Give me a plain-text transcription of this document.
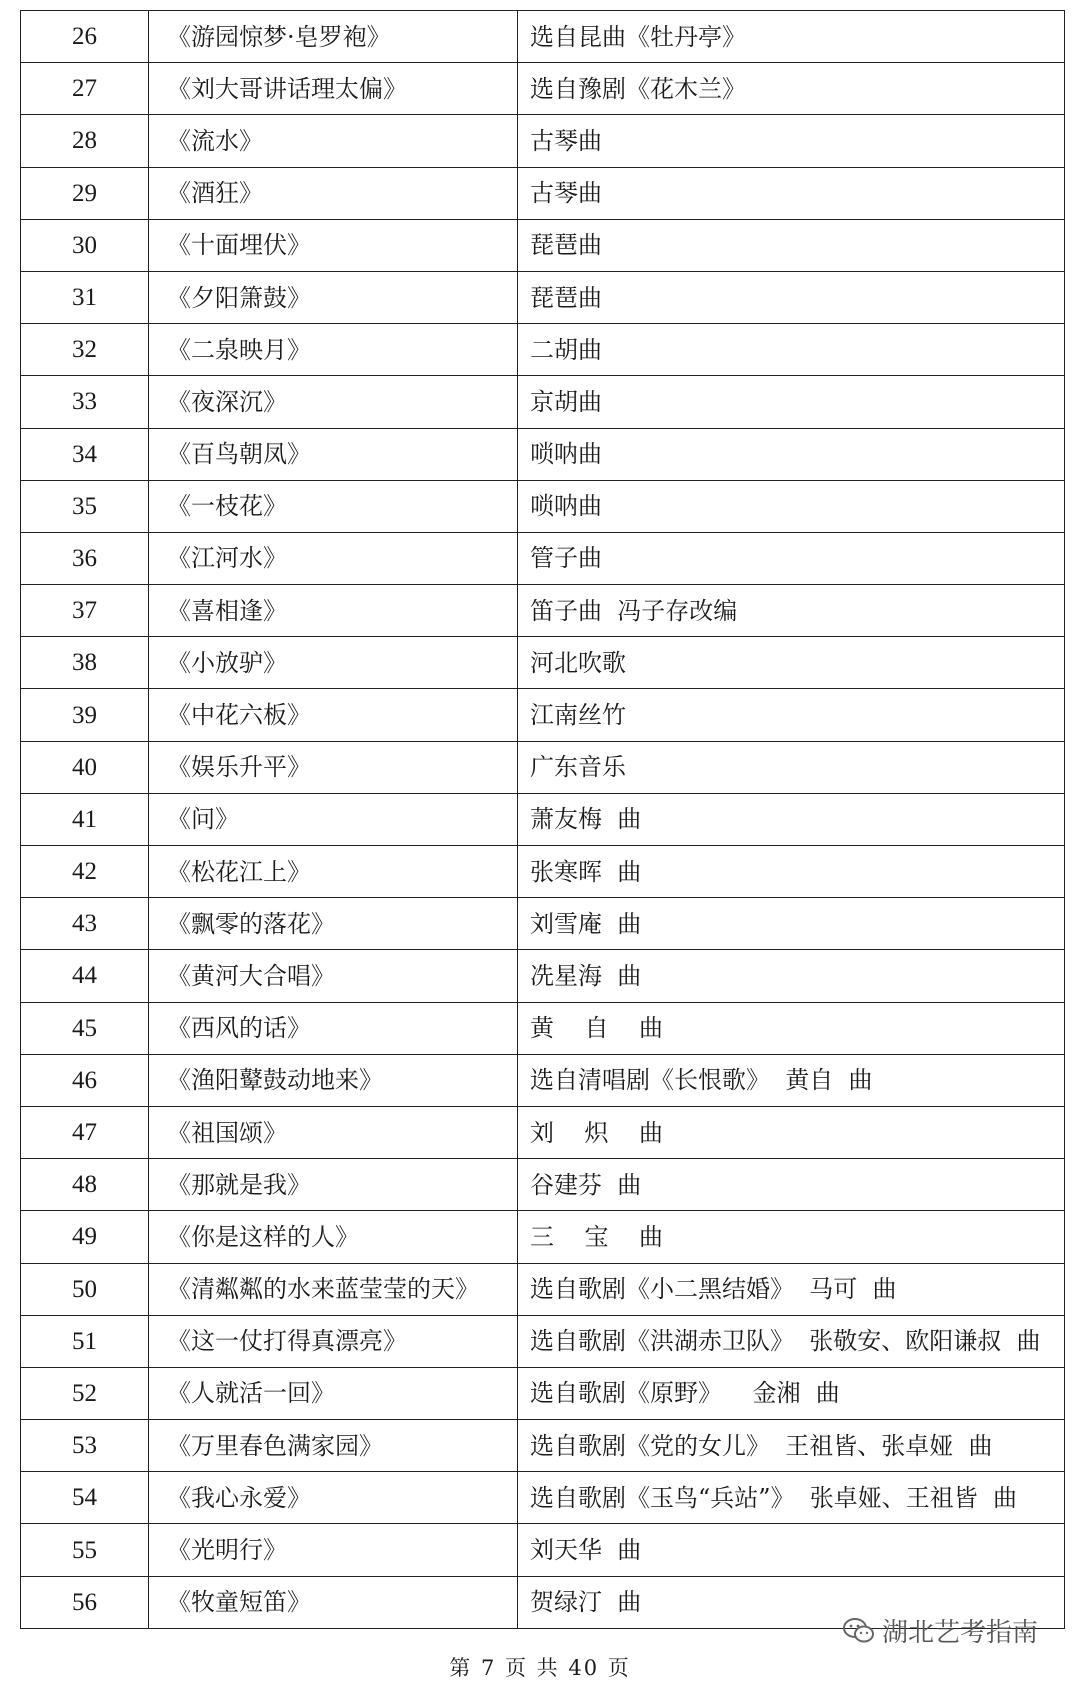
26	《游园惊梦·皂罗袍》	选自昆曲《牡丹亭》
27	《刘大哥讲话理太偏》	选自豫剧《花木兰》
28	《流水》	古琴曲
29	《酒狂》	古琴曲
30	《十面埋伏》	琵琶曲
31	《夕阳箫鼓》	琵琶曲
32	《二泉映月》	二胡曲
33	《夜深沉》	京胡曲
34	《百鸟朝凤》	唢呐曲
35	《一枝花》	唢呐曲
36	《江河水》	管子曲
37	《喜相逢》	笛子曲  冯子存改编
38	《小放驴》	河北吹歌
39	《中花六板》	江南丝竹
40	《娱乐升平》	广东音乐
41	《问》	萧友梅  曲
42	《松花江上》	张寒晖  曲
43	《飘零的落花》	刘雪庵  曲
44	《黄河大合唱》	冼星海  曲
45	《西风的话》	黄    自    曲
46	《渔阳鼙鼓动地来》	选自清唱剧《长恨歌》  黄自  曲
47	《祖国颂》	刘    炽    曲
48	《那就是我》	谷建芬  曲
49	《你是这样的人》	三    宝    曲
50	《清粼粼的水来蓝莹莹的天》	选自歌剧《小二黑结婚》  马可  曲
51	《这一仗打得真漂亮》	选自歌剧《洪湖赤卫队》  张敬安、欧阳谦叔  曲
52	《人就活一回》	选自歌剧《原野》    金湘  曲
53	《万里春色满家园》	选自歌剧《党的女儿》  王祖皆、张卓娅  曲
54	《我心永爱》	选自歌剧《玉鸟“兵站”》  张卓娅、王祖皆  曲
55	《光明行》	刘天华  曲
56	《牧童短笛》	贺绿汀  曲
湖北艺考指南
第 7 页 共 40 页
